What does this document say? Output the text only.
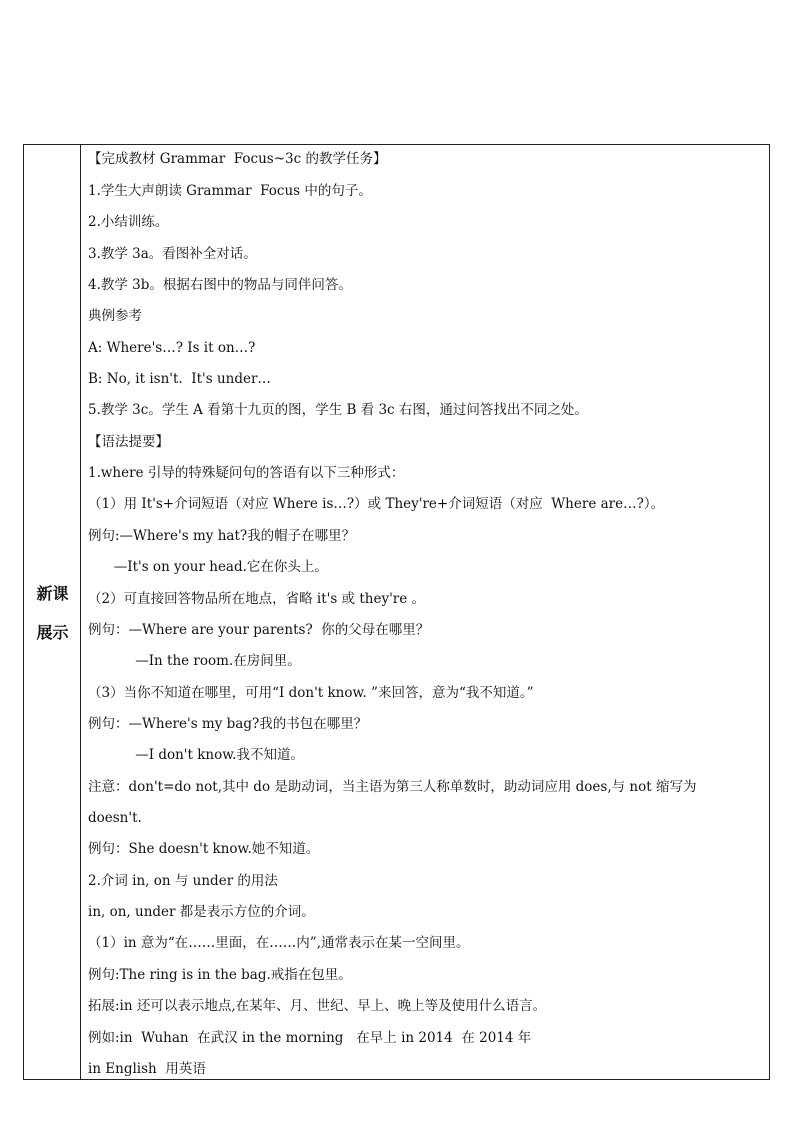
新课
展示
【完成教材 Grammar  Focus~3c 的教学任务】
1.学生大声朗读 Grammar  Focus 中的句子。
2.小结训练。
3.教学 3a。看图补全对话。
4.教学 3b。根据右图中的物品与同伴问答。
典例参考
A: Where's…? Is it on…?
B: No, it isn't.  It's under…
5.教学 3c。学生 A 看第十九页的图，学生 B 看 3c 右图，通过问答找出不同之处。
【语法提要】
1.where 引导的特殊疑问句的答语有以下三种形式：
（1）用 It's+介词短语（对应 Where is…?）或 They're+介词短语（对应  Where are…?）。
例句:—Where's my hat?我的帽子在哪里？
—It's on your head.它在你头上。
（2）可直接回答物品所在地点，省略 it's 或 they're 。
例句：—Where are your parents?  你的父母在哪里？
—In the room.在房间里。
（3）当你不知道在哪里，可用“I don't know. ”来回答，意为“我不知道。”
例句：—Where's my bag?我的书包在哪里？
—I don't know.我不知道。
注意：don't=do not,其中 do 是助动词，当主语为第三人称单数时，助动词应用 does,与 not 缩写为
doesn't.
例句：She doesn't know.她不知道。
2.介词 in, on 与 under 的用法
in, on, under 都是表示方位的介词。
（1）in 意为“在……里面，在……内”,通常表示在某一空间里。
例句:The ring is in the bag.戒指在包里。
拓展:in 还可以表示地点,在某年、月、世纪、早上、晚上等及使用什么语言。
例如:in  Wuhan  在武汉 in the morning   在早上 in 2014  在 2014 年
in English  用英语
